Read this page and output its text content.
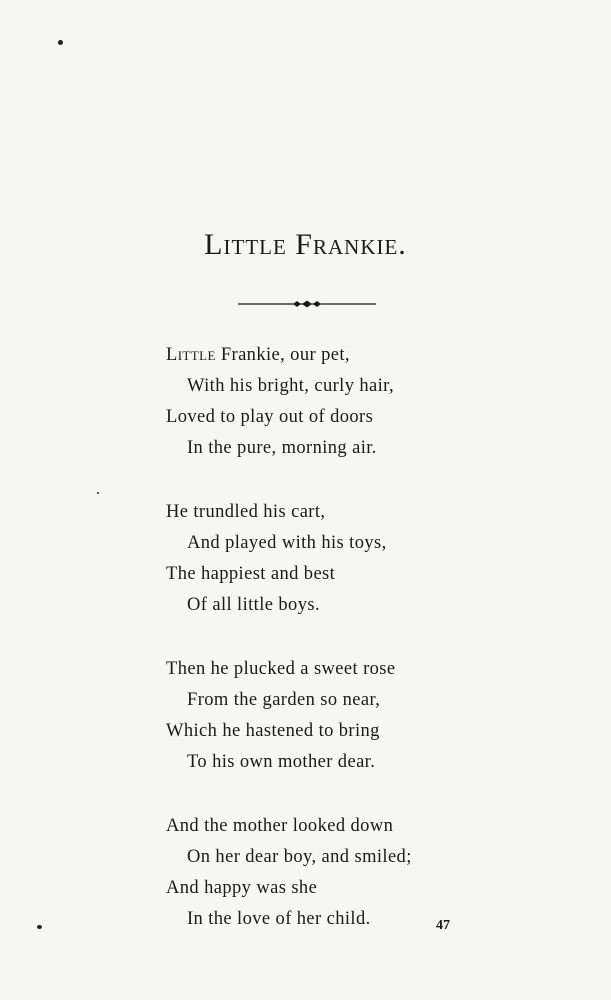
Little Frankie.
Little Frankie, our pet,
With his bright, curly hair,
Loved to play out of doors
In the pure, morning air.
He trundled his cart,
And played with his toys,
The happiest and best
Of all little boys.
Then he plucked a sweet rose
From the garden so near,
Which he hastened to bring
To his own mother dear.
And the mother looked down
On her dear boy, and smiled;
And happy was she
In the love of her child.	47
